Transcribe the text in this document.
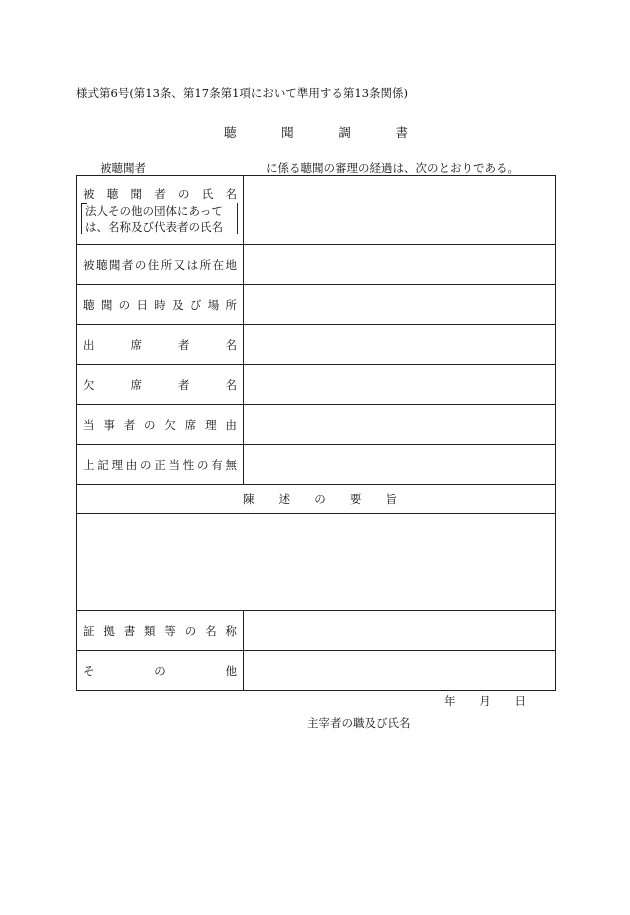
様式第6号(第13条、第17条第1項において準用する第13条関係)
聴	聞	調	書
被聴聞者	に係る聴聞の審理の経過は、次のとおりである。
被 聴 聞 者 の 氏 名
法人その他の団体にあって
は、名称及び代表者の氏名
被 聴 聞 者 の 住 所 又 は 所 在 地
聴 聞 の 日 時 及 び 場 所
出	席	者	名
欠	席	者	名
当 事 者 の 欠 席 理 由
上 記 理 由 の 正 当 性 の 有 無
陳 述 の 要 旨
証 拠 書 類 等 の 名 称
そ	の	他
年 月 日
主宰者の職及び氏名
